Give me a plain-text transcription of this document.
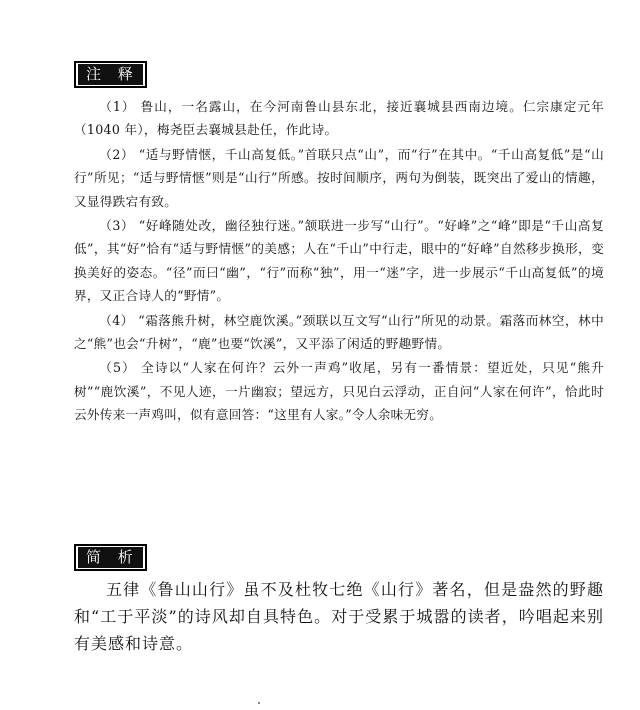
注 释

（1） 鲁山，一名露山，在今河南鲁山县东北，接近襄城县西南边境。仁宗康定元年（1040 年），梅尧臣去襄城县赴任，作此诗。

（2） “适与野情惬，千山高复低。”首联只点“山”，而“行”在其中。“千山高复低”是“山行”所见；“适与野情惬”则是“山行”所感。按时间顺序，两句为倒装，既突出了爱山的情趣，又显得跌宕有致。

（3） “好峰随处改，幽径独行迷。”颔联进一步写“山行”。“好峰”之“峰”即是“千山高复低”，其“好”恰有“适与野情惬”的美感；人在“千山”中行走，眼中的“好峰”自然移步换形，变换美好的姿态。“径”而曰“幽”，“行”而称“独”，用一“迷”字，进一步展示“千山高复低”的境界，又正合诗人的“野情”。

（4） “霜落熊升树，林空鹿饮溪。”颈联以互文写“山行”所见的动景。霜落而林空，林中之“熊”也会“升树”，“鹿”也要“饮溪”，又平添了闲适的野趣野情。

（5） 全诗以“人家在何许？云外一声鸡”收尾，另有一番情景：望近处，只见“熊升树”“鹿饮溪”，不见人迹，一片幽寂；望远方，只见白云浮动，正自问“人家在何许”，恰此时云外传来一声鸡叫，似有意回答：“这里有人家。”令人余味无穷。

简 析

五律《鲁山山行》虽不及杜牧七绝《山行》著名，但是盎然的野趣和“工于平淡”的诗风却自具特色。对于受累于城嚣的读者，吟唱起来别有美感和诗意。
